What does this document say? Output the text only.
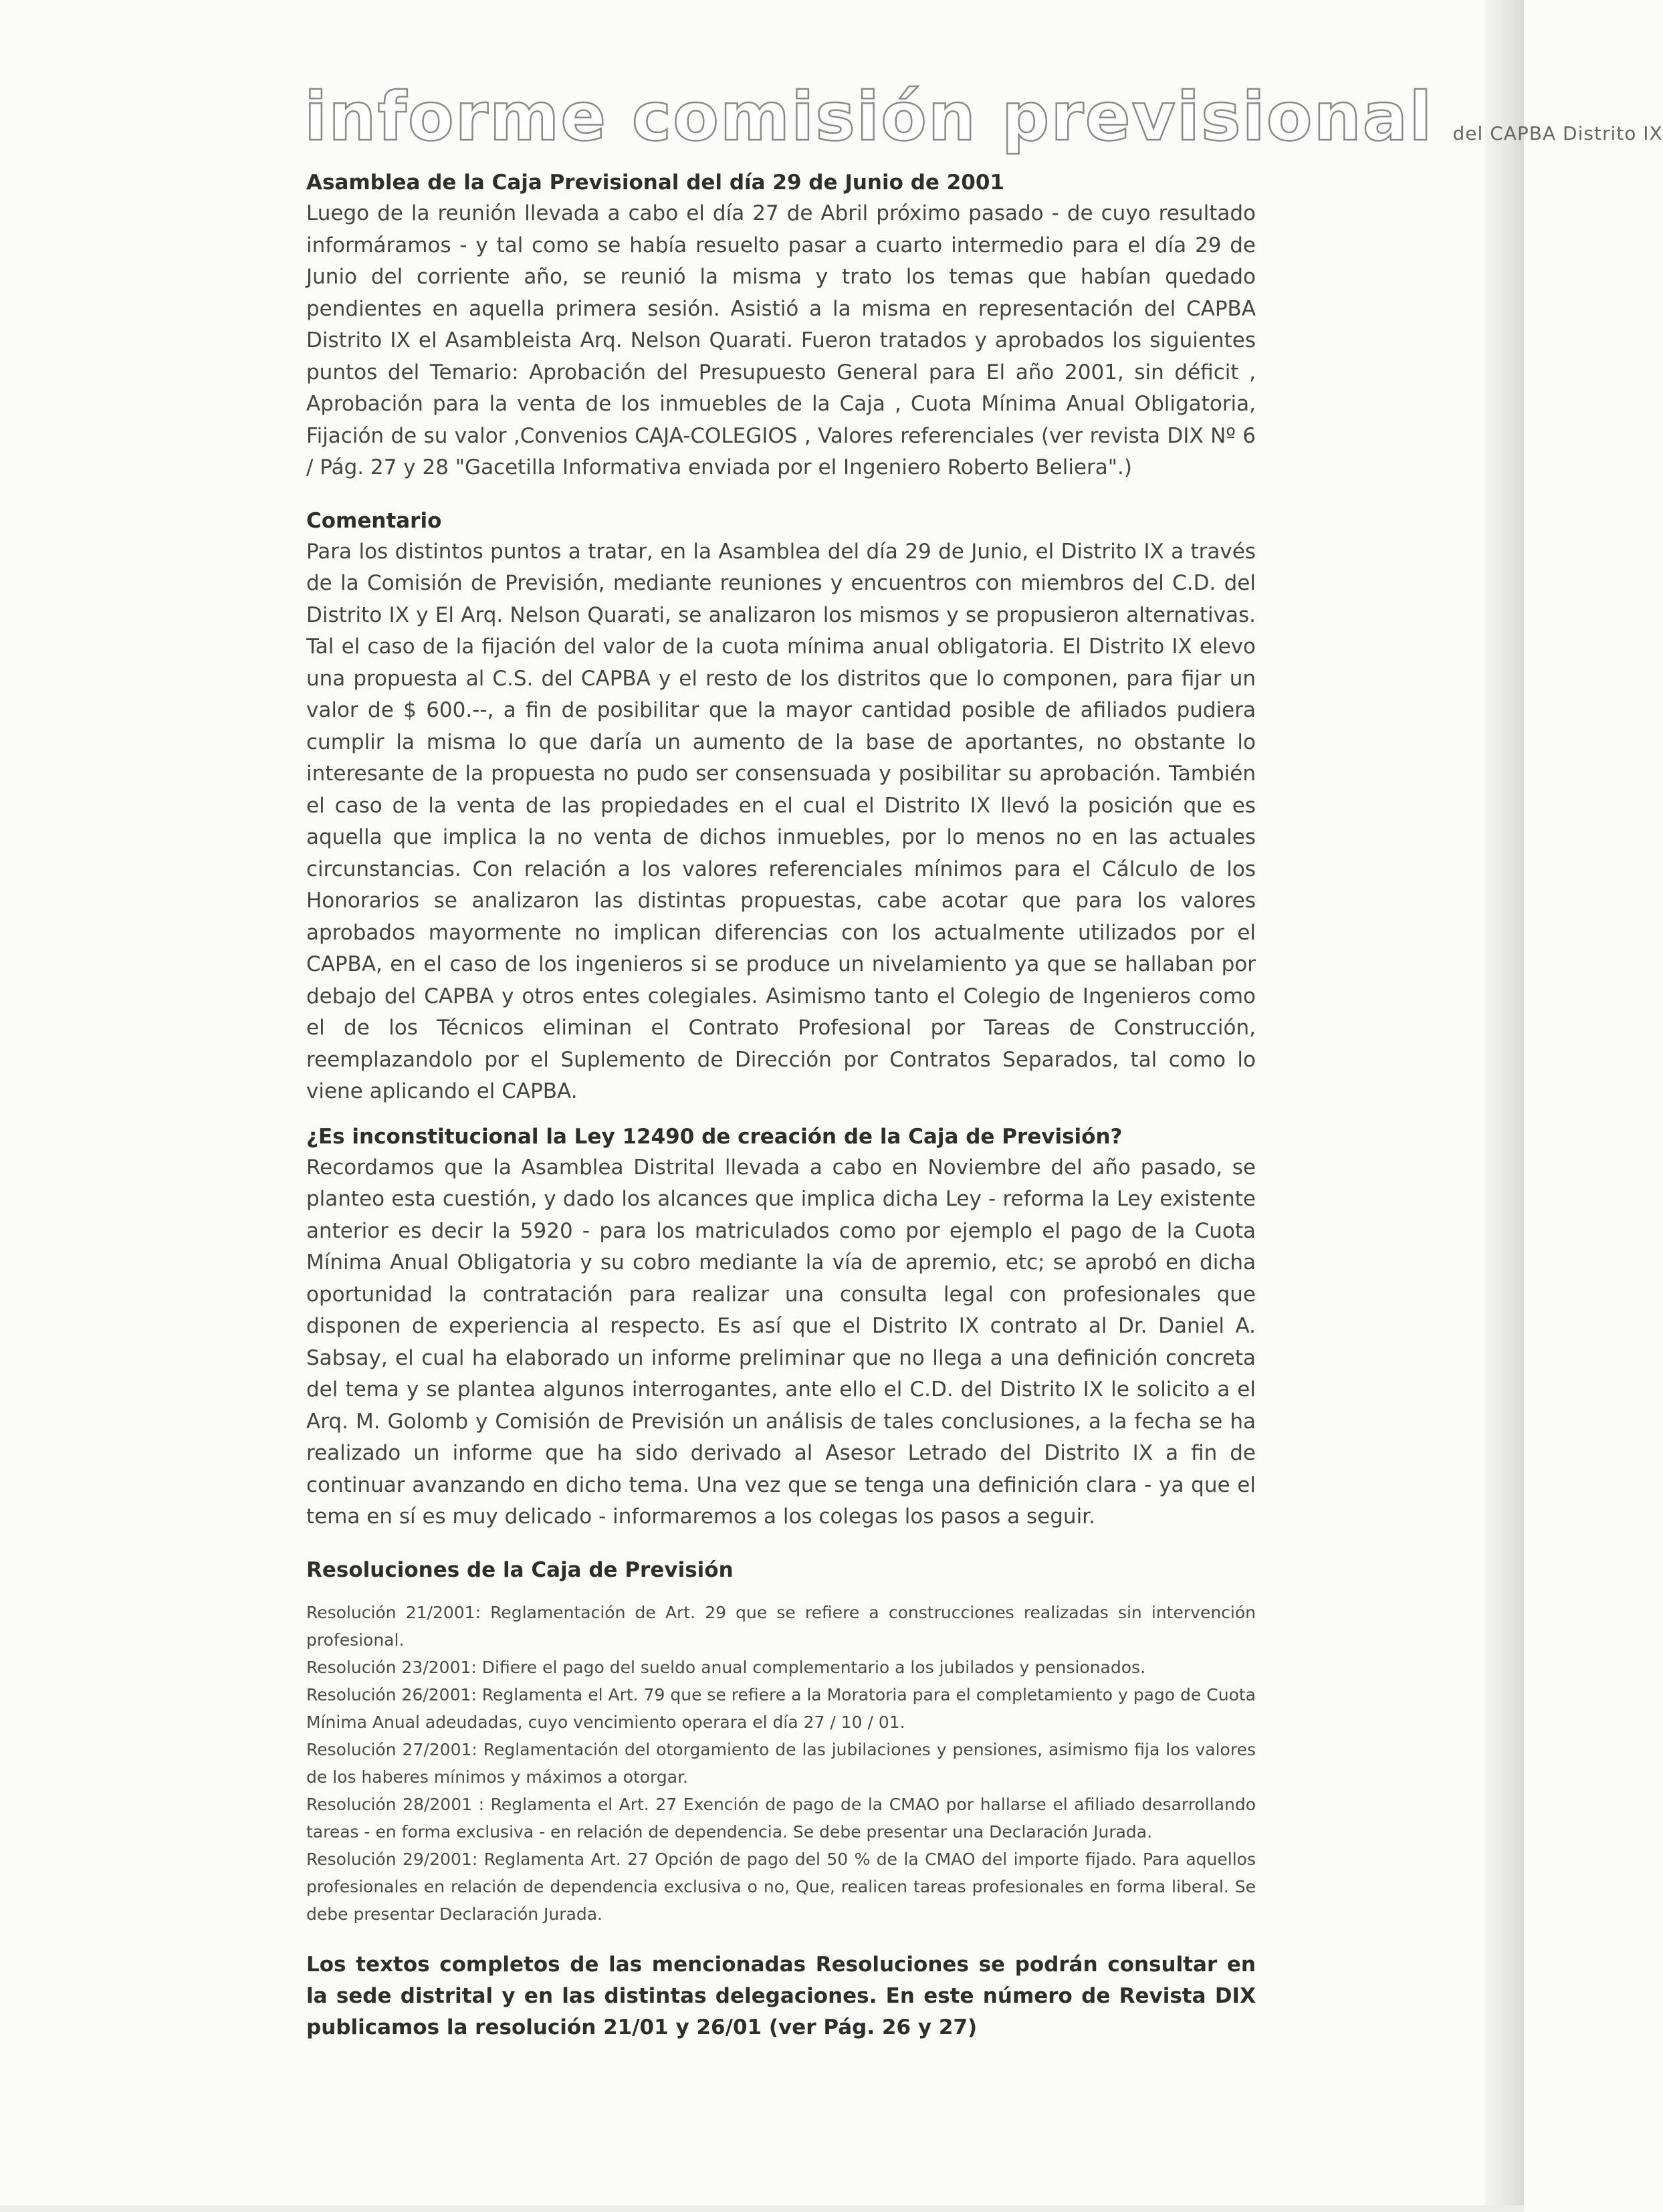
informe comisión previsional del CAPBA Distrito IX

Asamblea de la Caja Previsional del día 29 de Junio de 2001

Luego de la reunión llevada a cabo el día 27 de Abril próximo pasado - de cuyo resultado informáramos - y tal como se había resuelto pasar a cuarto intermedio para el día 29 de Junio del corriente año, se reunió la misma y trato los temas que habían quedado pendientes en aquella primera sesión. Asistió a la misma en representación del CAPBA Distrito IX el Asambleista Arq. Nelson Quarati. Fueron tratados y aprobados los siguientes puntos del Temario: Aprobación del Presupuesto General para El año 2001, sin déficit , Aprobación para la venta de los inmuebles de la Caja , Cuota Mínima Anual Obligatoria, Fijación de su valor ,Convenios CAJA-COLEGIOS , Valores referenciales (ver revista DIX Nº 6 / Pág. 27 y 28 "Gacetilla Informativa enviada por el Ingeniero Roberto Beliera".)

Comentario

Para los distintos puntos a tratar, en la Asamblea del día 29 de Junio, el Distrito IX a través de la Comisión de Previsión, mediante reuniones y encuentros con miembros del C.D. del Distrito IX y El Arq. Nelson Quarati, se analizaron los mismos y se propusieron alternativas. Tal el caso de la fijación del valor de la cuota mínima anual obligatoria. El Distrito IX elevo una propuesta al C.S. del CAPBA y el resto de los distritos que lo componen, para fijar un valor de $ 600.--, a fin de posibilitar que la mayor cantidad posible de afiliados pudiera cumplir la misma lo que daría un aumento de la base de aportantes, no obstante lo interesante de la propuesta no pudo ser consensuada y posibilitar su aprobación. También el caso de la venta de las propiedades en el cual el Distrito IX llevó la posición que es aquella que implica la no venta de dichos inmuebles, por lo menos no en las actuales circunstancias. Con relación a los valores referenciales mínimos para el Cálculo de los Honorarios se analizaron las distintas propuestas, cabe acotar que para los valores aprobados mayormente no implican diferencias con los actualmente utilizados por el CAPBA, en el caso de los ingenieros si se produce un nivelamiento ya que se hallaban por debajo del CAPBA y otros entes colegiales. Asimismo tanto el Colegio de Ingenieros como el de los Técnicos eliminan el Contrato Profesional por Tareas de Construcción, reemplazandolo por el Suplemento de Dirección por Contratos Separados, tal como lo viene aplicando el CAPBA.

¿Es inconstitucional la Ley 12490 de creación de la Caja de Previsión?

Recordamos que la Asamblea Distrital llevada a cabo en Noviembre del año pasado, se planteo esta cuestión, y dado los alcances que implica dicha Ley - reforma la Ley existente anterior es decir la 5920 - para los matriculados como por ejemplo el pago de la Cuota Mínima Anual Obligatoria y su cobro mediante la vía de apremio, etc; se aprobó en dicha oportunidad la contratación para realizar una consulta legal con profesionales que disponen de experiencia al respecto. Es así que el Distrito IX contrato al Dr. Daniel A. Sabsay, el cual ha elaborado un informe preliminar que no llega a una definición concreta del tema y se plantea algunos interrogantes, ante ello el C.D. del Distrito IX le solicito a el Arq. M. Golomb y Comisión de Previsión un análisis de tales conclusiones, a la fecha se ha realizado un informe que ha sido derivado al Asesor Letrado del Distrito IX a fin de continuar avanzando en dicho tema. Una vez que se tenga una definición clara - ya que el tema en sí es muy delicado - informaremos a los colegas los pasos a seguir.

Resoluciones de la Caja de Previsión

Resolución 21/2001: Reglamentación de Art. 29 que se refiere a construcciones realizadas sin intervención profesional.
Resolución 23/2001: Difiere el pago del sueldo anual complementario a los jubilados y pensionados.
Resolución 26/2001: Reglamenta el Art. 79 que se refiere a la Moratoria para el completamiento y pago de Cuota Mínima Anual adeudadas, cuyo vencimiento operara el día 27 / 10 / 01.
Resolución 27/2001: Reglamentación del otorgamiento de las jubilaciones y pensiones, asimismo fija los valores de los haberes mínimos y máximos a otorgar.
Resolución 28/2001 : Reglamenta el Art. 27 Exención de pago de la CMAO por hallarse el afiliado desarrollando tareas - en forma exclusiva - en relación de dependencia. Se debe presentar una Declaración Jurada.
Resolución 29/2001: Reglamenta Art. 27 Opción de pago del 50 % de la CMAO del importe fijado. Para aquellos profesionales en relación de dependencia exclusiva o no, Que, realicen tareas profesionales en forma liberal. Se debe presentar Declaración Jurada.

Los textos completos de las mencionadas Resoluciones se podrán consultar en la sede distrital y en las distintas delegaciones. En este número de Revista DIX publicamos la resolución 21/01 y 26/01 (ver Pág. 26 y 27)
